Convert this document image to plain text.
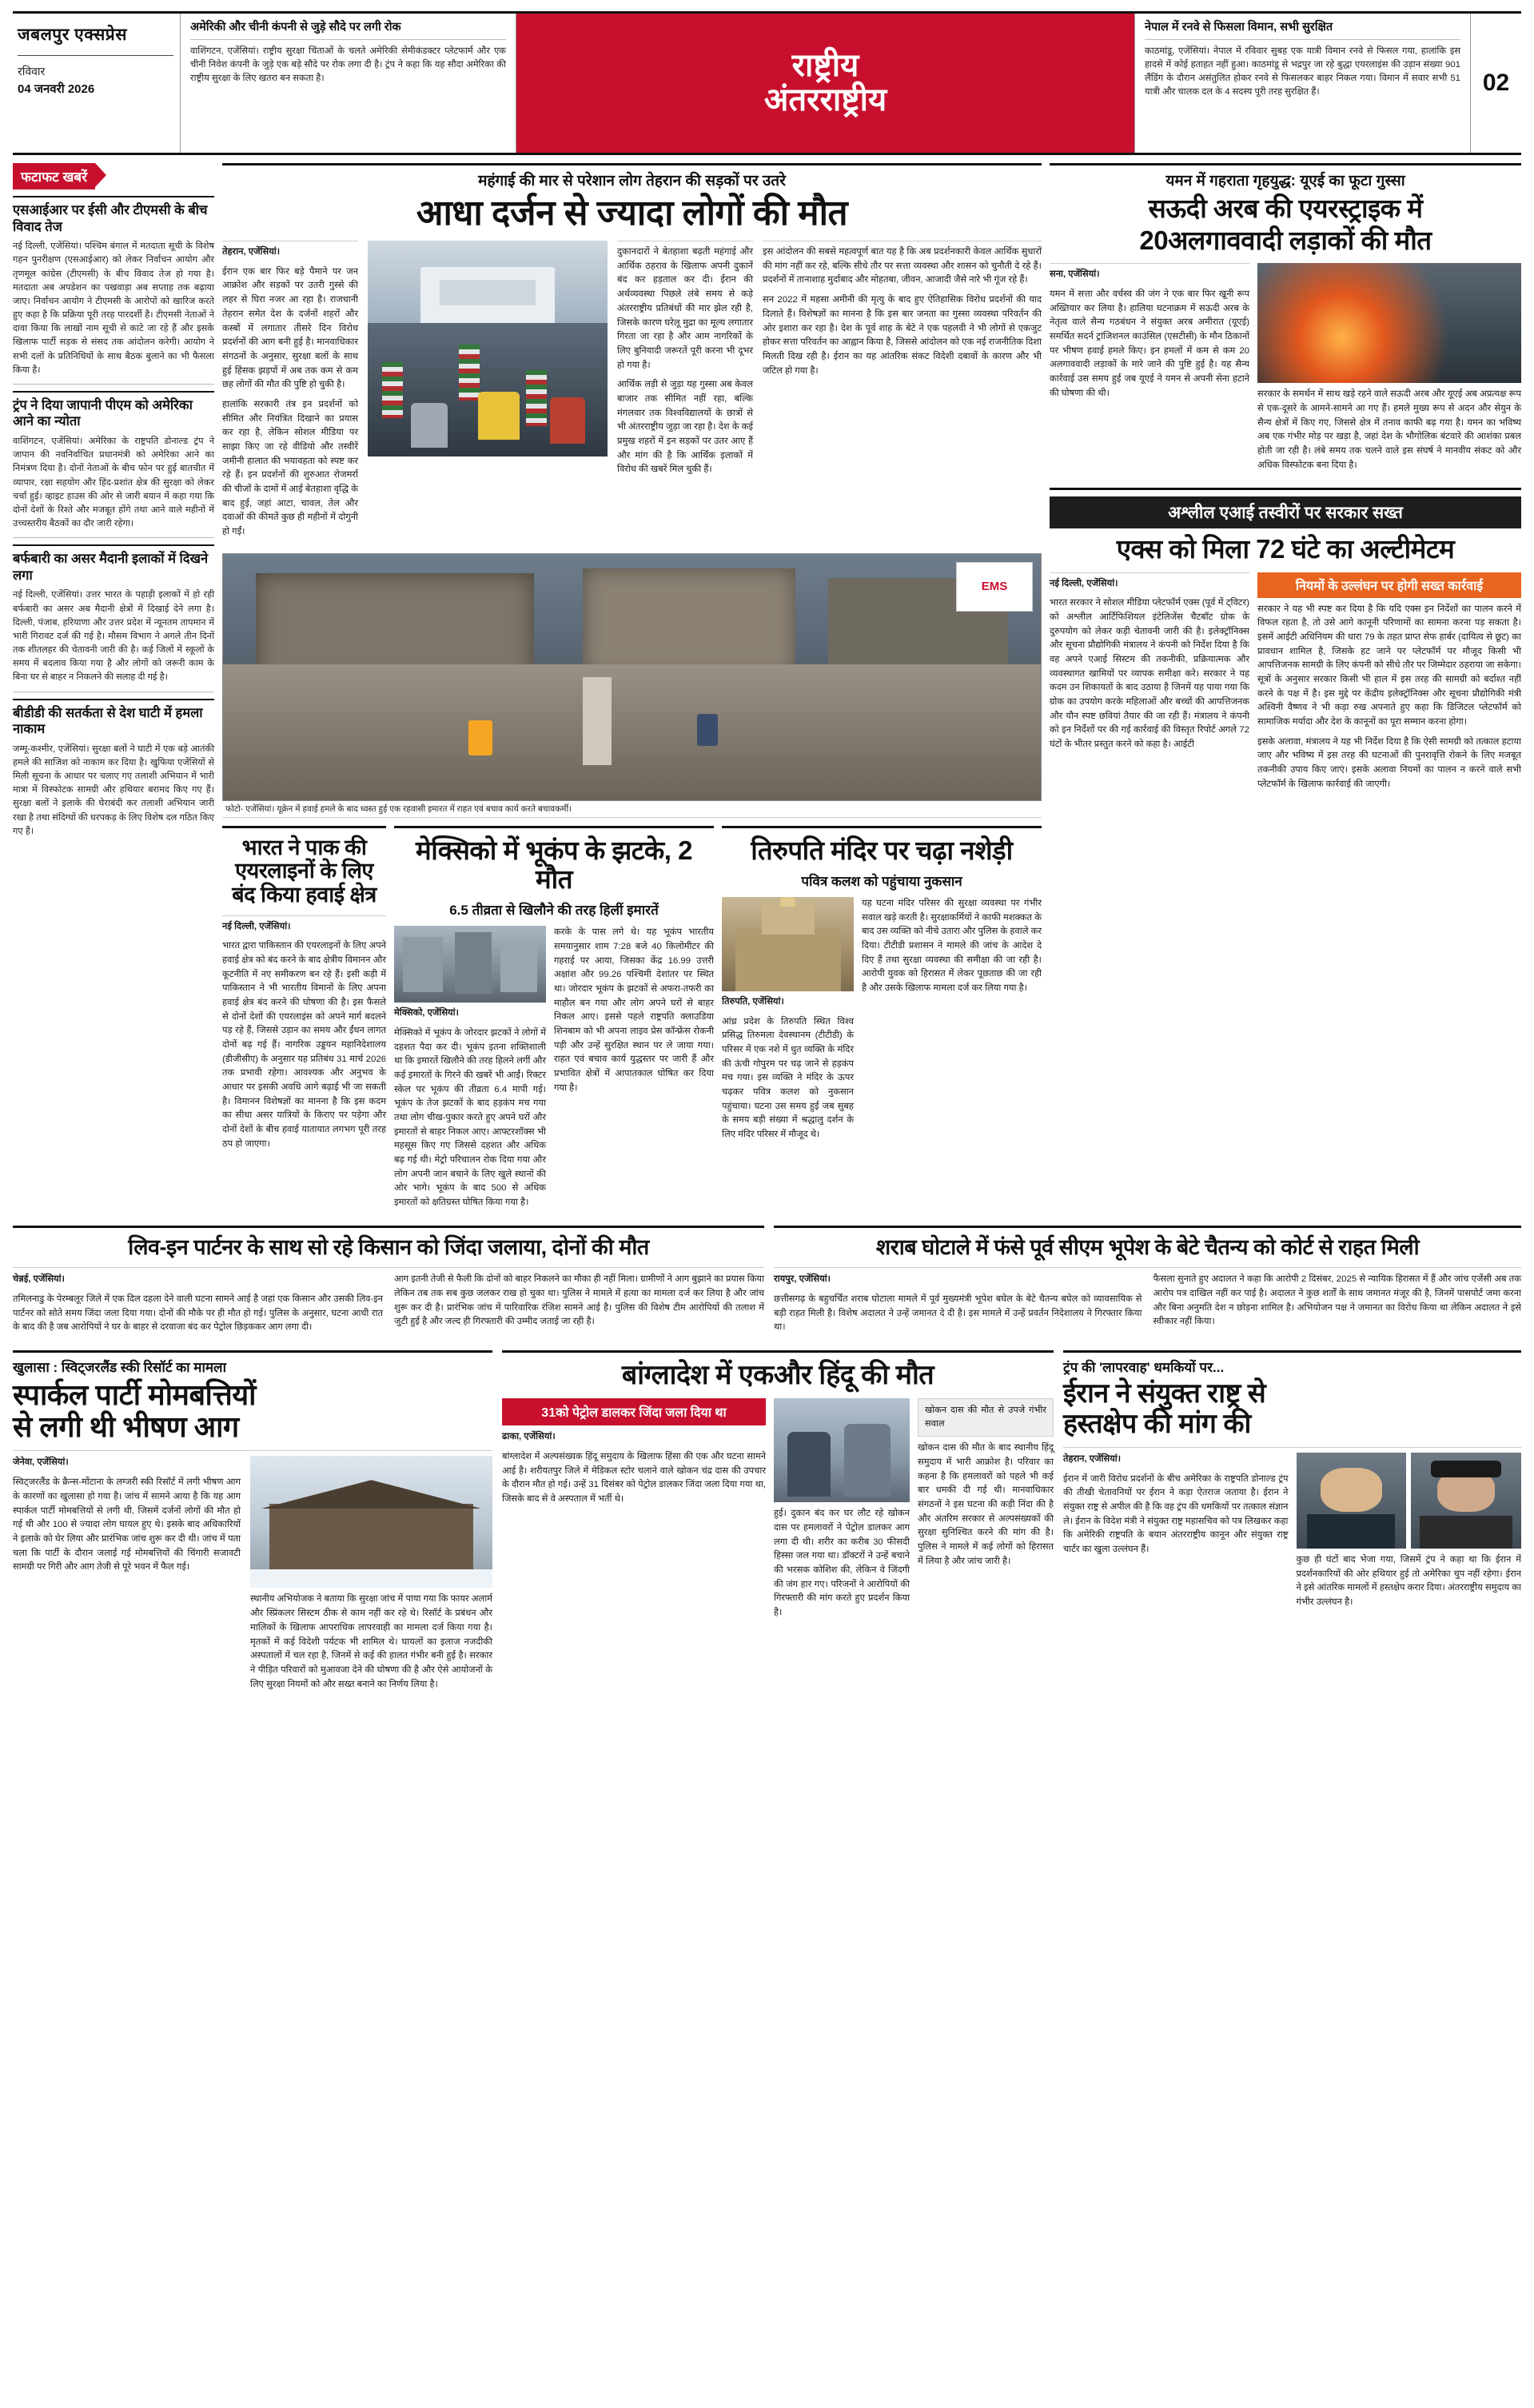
जबलपुर एक्सप्रेस
रविवार
04 जनवरी 2026
अमेरिकी और चीनी कंपनी से जुड़े सौदे पर लगी रोक
वाशिंगटन, एजेंसियां। राष्ट्रीय सुरक्षा चिंताओं के चलते अमेरिकी सेमीकंडक्टर प्लेटफार्म और एक चीनी निवेश कंपनी के जुड़े एक बड़े सौदे पर रोक लगा दी है। ट्रंप ने कहा कि यह सौदा अमेरिका की राष्ट्रीय सुरक्षा के लिए खतरा बन सकता है।	राष्ट्रीय
अंतरराष्ट्रीय
नेपाल में रनवे से फिसला विमान, सभी सुरक्षित
काठमांडू, एजेंसियां। नेपाल में रविवार सुबह एक यात्री विमान रनवे से फिसल गया, हालांकि इस हादसे में कोई हताहत नहीं हुआ। काठमांडू से भद्रपुर जा रहे बुद्धा एयरलाइंस की उड़ान संख्या 901 लैंडिंग के दौरान असंतुलित होकर रनवे से फिसलकर बाहर निकल गया। विमान में सवार सभी 51 यात्री और चालक दल के 4 सदस्य पूरी तरह सुरक्षित हैं।	02
फटाफट खबरें
एसआईआर पर ईसी और टीएमसी के बीच विवाद तेज

नई दिल्ली, एजेंसियां। पश्चिम बंगाल में मतदाता सूची के विशेष गहन पुनरीक्षण (एसआईआर) को लेकर निर्वाचन आयोग और तृणमूल कांग्रेस (टीएमसी) के बीच विवाद तेज हो गया है। मतदाता अब अपडेशन का पखवाड़ा अब सप्ताह तक बढ़ाया जाए। निर्वाचन आयोग ने टीएमसी के आरोपों को खारिज करते हुए कहा है कि प्रक्रिया पूरी तरह पारदर्शी है। टीएमसी नेताओं ने दावा किया कि लाखों नाम सूची से काटे जा रहे हैं और इसके खिलाफ पार्टी सड़क से संसद तक आंदोलन करेगी। आयोग ने सभी दलों के प्रतिनिधियों के साथ बैठक बुलाने का भी फैसला किया है।

ट्रंप ने दिया जापानी पीएम को अमेरिका आने का न्योता

वाशिंगटन, एजेंसियां। अमेरिका के राष्ट्रपति डोनाल्ड ट्रंप ने जापान की नवनिर्वाचित प्रधानमंत्री को अमेरिका आने का निमंत्रण दिया है। दोनों नेताओं के बीच फोन पर हुई बातचीत में व्यापार, रक्षा सहयोग और हिंद-प्रशांत क्षेत्र की सुरक्षा को लेकर चर्चा हुई। व्हाइट हाउस की ओर से जारी बयान में कहा गया कि दोनों देशों के रिश्ते और मजबूत होंगे तथा आने वाले महीनों में उच्चस्तरीय बैठकों का दौर जारी रहेगा।

बर्फबारी का असर मैदानी इलाकों में दिखने लगा

नई दिल्ली, एजेंसियां। उत्तर भारत के पहाड़ी इलाकों में हो रही बर्फबारी का असर अब मैदानी क्षेत्रों में दिखाई देने लगा है। दिल्ली, पंजाब, हरियाणा और उत्तर प्रदेश में न्यूनतम तापमान में भारी गिरावट दर्ज की गई है। मौसम विभाग ने अगले तीन दिनों तक शीतलहर की चेतावनी जारी की है। कई जिलों में स्कूलों के समय में बदलाव किया गया है और लोगों को जरूरी काम के बिना घर से बाहर न निकलने की सलाह दी गई है।

बीडीडी की सतर्कता से देश घाटी में हमला नाकाम

जम्मू-कश्मीर, एजेंसियां। सुरक्षा बलों ने घाटी में एक बड़े आतंकी हमले की साजिश को नाकाम कर दिया है। खुफिया एजेंसियों से मिली सूचना के आधार पर चलाए गए तलाशी अभियान में भारी मात्रा में विस्फोटक सामग्री और हथियार बरामद किए गए हैं। सुरक्षा बलों ने इलाके की घेराबंदी कर तलाशी अभियान जारी रखा है तथा संदिग्धों की धरपकड़ के लिए विशेष दल गठित किए गए हैं।

महंगाई की मार से परेशान लोग तेहरान की सड़कों पर उतरे
आधा दर्जन से ज्यादा लोगों की मौत

तेहरान, एजेंसियां।

ईरान एक बार फिर बड़े पैमाने पर जन आक्रोश और सड़कों पर उतरी गुस्से की लहर से घिरा नजर आ रहा है। राजधानी तेहरान समेत देश के दर्जनों शहरों और कस्बों में लगातार तीसरे दिन विरोध प्रदर्शनों की आग बनी हुई है। मानवाधिकार संगठनों के अनुसार, सुरक्षा बलों के साथ हुई हिंसक झड़पों में अब तक कम से कम छह लोगों की मौत की पुष्टि हो चुकी है।

हालांकि सरकारी तंत्र इन प्रदर्शनों को सीमित और नियंत्रित दिखाने का प्रयास कर रहा है, लेकिन सोशल मीडिया पर साझा किए जा रहे वीडियो और तस्वीरें जमीनी हालात की भयावहता को स्पष्ट कर रहे हैं। इन प्रदर्शनों की शुरुआत रोजमर्रा की चीजों के दामों में आई बेतहाशा वृद्धि के बाद हुई, जहां आटा, चावल, तेल और दवाओं की कीमतें कुछ ही महीनों में दोगुनी हो गईं।

दुकानदारों ने बेतहाशा बढ़ती महंगाई और आर्थिक ठहराव के खिलाफ अपनी दुकानें बंद कर हड़ताल कर दी। ईरान की अर्थव्यवस्था पिछले लंबे समय से कड़े अंतरराष्ट्रीय प्रतिबंधों की मार झेल रही है, जिसके कारण घरेलू मुद्रा का मूल्य लगातार गिरता जा रहा है और आम नागरिकों के लिए बुनियादी जरूरतें पूरी करना भी दूभर हो गया है।

आर्थिक लड़ी से जुड़ा यह गुस्सा अब केवल बाजार तक सीमित नहीं रहा, बल्कि मंगलवार तक विश्वविद्यालयों के छात्रों से भी अंतरराष्ट्रीय जुड़ा जा रहा है। देश के कई प्रमुख शहरों में इन सड़कों पर उतर आए हैं और मांग की है कि आर्थिक इलाकों में विरोध की खबरें मिल चुकी हैं।

इस आंदोलन की सबसे महत्वपूर्ण बात यह है कि अब प्रदर्शनकारी केवल आर्थिक सुधारों की मांग नहीं कर रहे, बल्कि सीधे तौर पर सत्ता व्यवस्था और शासन को चुनौती दे रहे हैं। प्रदर्शनों में तानाशाह मुर्दाबाद और मोहतबा, जीवन, आजादी जैसे नारे भी गूंज रहे हैं।

सन 2022 में महसा अमीनी की मृत्यु के बाद हुए ऐतिहासिक विरोध प्रदर्शनों की याद दिलाते हैं। विशेषज्ञों का मानना है कि इस बार जनता का गुस्सा व्यवस्था परिवर्तन की ओर इशारा कर रहा है। देश के पूर्व शाह के बेटे ने एक पहलवी ने भी लोगों से एकजुट होकर सत्ता परिवर्तन का आह्वान किया है, जिससे आंदोलन को एक नई राजनीतिक दिशा मिलती दिख रही है। ईरान का यह आंतरिक संकट विदेशी दबावों के कारण और भी जटिल हो गया है।

EMS
फोटो- एजेंसियां। यूक्रेन में हवाई हमले के बाद ध्वस्त हुई एक रहवासी इमारत में राहत एवं बचाव कार्य करते बचावकर्मी।
भारत ने पाक की एयरलाइनों के लिए बंद किया हवाई क्षेत्र

नई दिल्ली, एजेंसियां।

भारत द्वारा पाकिस्तान की एयरलाइनों के लिए अपने हवाई क्षेत्र को बंद करने के बाद क्षेत्रीय विमानन और कूटनीति में नए समीकरण बन रहे हैं। इसी कड़ी में पाकिस्तान ने भी भारतीय विमानों के लिए अपना हवाई क्षेत्र बंद करने की घोषणा की है। इस फैसले से दोनों देशों की एयरलाइंस को अपने मार्ग बदलने पड़ रहे हैं, जिससे उड़ान का समय और ईंधन लागत दोनों बढ़ गई हैं। नागरिक उड्डयन महानिदेशालय (डीजीसीए) के अनुसार यह प्रतिबंध 31 मार्च 2026 तक प्रभावी रहेगा। आवश्यक और अनुभव के आधार पर इसकी अवधि आगे बढ़ाई भी जा सकती है। विमानन विशेषज्ञों का मानना है कि इस कदम का सीधा असर यात्रियों के किराए पर पड़ेगा और दोनों देशों के बीच हवाई यातायात लगभग पूरी तरह ठप हो जाएगा।

मेक्सिको में भूकंप के झटके, 2 मौत
6.5 तीव्रता से खिलौने की तरह हिलीं इमारतें

मेक्सिको, एजेंसियां।

मेक्सिको में भूकंप के जोरदार झटकों ने लोगों में दहशत पैदा कर दी। भूकंप इतना शक्तिशाली था कि इमारतें खिलौने की तरह हिलने लगीं और कई इमारतों के गिरने की खबरें भी आईं। रिक्टर स्केल पर भूकंप की तीव्रता 6.4 मापी गई। भूकंप के तेज झटकों के बाद हड़कंप मच गया तथा लोग चीख-पुकार करते हुए अपने घरों और इमारतों से बाहर निकल आए। आफ्टरशॉक्स भी महसूस किए गए जिससे दहशत और अधिक बढ़ गई थी। मेट्रो परिचालन रोक दिया गया और लोग अपनी जान बचाने के लिए खुले स्थानों की ओर भागे। भूकंप के बाद 500 से अधिक इमारतों को क्षतिग्रस्त घोषित किया गया है।

करके के पास लगे थे। यह भूकंप भारतीय समयानुसार शाम 7:28 बजे 40 किलोमीटर की गहराई पर आया, जिसका केंद्र 16.99 उत्तरी अक्षांश और 99.26 पश्चिमी देशांतर पर स्थित था। जोरदार भूकंप के झटकों से अफरा-तफरी का माहौल बन गया और लोग अपने घरों से बाहर निकल आए। इससे पहले राष्ट्रपति क्लाउडिया शिनबाम को भी अपना लाइव प्रेस कॉन्फ्रेंस रोकनी पड़ी और उन्हें सुरक्षित स्थान पर ले जाया गया। राहत एवं बचाव कार्य युद्धस्तर पर जारी हैं और प्रभावित क्षेत्रों में आपातकाल घोषित कर दिया गया है।
तिरुपति मंदिर पर चढ़ा नशेड़ी
पवित्र कलश को पहुंचाया नुकसान

तिरुपति, एजेंसियां।

आंध्र प्रदेश के तिरुपति स्थित विश्व प्रसिद्ध तिरुमला देवस्थानम (टीटीडी) के परिसर में एक नशे में धुत व्यक्ति के मंदिर की ऊंची गोपुरम पर चढ़ जाने से हड़कंप मच गया। इस व्यक्ति ने मंदिर के ऊपर चढ़कर पवित्र कलश को नुकसान पहुंचाया। घटना उस समय हुई जब सुबह के समय बड़ी संख्या में श्रद्धालु दर्शन के लिए मंदिर परिसर में मौजूद थे।

यह घटना मंदिर परिसर की सुरक्षा व्यवस्था पर गंभीर सवाल खड़े करती है। सुरक्षाकर्मियों ने काफी मशक्कत के बाद उस व्यक्ति को नीचे उतारा और पुलिस के हवाले कर दिया। टीटीडी प्रशासन ने मामले की जांच के आदेश दे दिए हैं तथा सुरक्षा व्यवस्था की समीक्षा की जा रही है। आरोपी युवक को हिरासत में लेकर पूछताछ की जा रही है और उसके खिलाफ मामला दर्ज कर लिया गया है।
यमन में गहराता गृहयुद्ध: यूएई का फूटा गुस्सा
सऊदी अरब की एयरस्ट्राइक में
20अलगाववादी लड़ाकों की मौत

सना, एजेंसियां।

यमन में सत्ता और वर्चस्व की जंग ने एक बार फिर खूनी रूप अख्तियार कर लिया है। हालिया घटनाक्रम में सऊदी अरब के नेतृत्व वाले सैन्य गठबंधन ने संयुक्त अरब अमीरात (यूएई) समर्थित सदर्न ट्रांजिशनल काउंसिल (एसटीसी) के मौन ठिकानों पर भीषण हवाई हमले किए। इन हमलों में कम से कम 20 अलगाववादी लड़ाकों के मारे जाने की पुष्टि हुई है। यह सैन्य कार्रवाई उस समय हुई जब यूएई ने यमन से अपनी सेना हटाने की घोषणा की थी।	सरकार के समर्थन में साथ खड़े रहने वाले सऊदी अरब और यूएई अब अप्रत्यक्ष रूप से एक-दूसरे के आमने-सामने आ गए हैं। हमले मुख्य रूप से अदन और सेयुन के सैन्य क्षेत्रों में किए गए, जिससे क्षेत्र में तनाव काफी बढ़ गया है। यमन का भविष्य अब एक गंभीर मोड़ पर खड़ा है, जहां देश के भौगोलिक बंटवारे की आशंका प्रबल होती जा रही है। लंबे समय तक चलने वाले इस संघर्ष ने मानवीय संकट को और अधिक विस्फोटक बना दिया है।

अश्लील एआई तस्वीरों पर सरकार सख्त
एक्स को मिला 72 घंटे का अल्टीमेटम

नई दिल्ली, एजेंसियां।

भारत सरकार ने सोशल मीडिया प्लेटफॉर्म एक्स (पूर्व में ट्विटर) को अश्लील आर्टिफिशियल इंटेलिजेंस चैटबॉट ग्रोक के दुरुपयोग को लेकर कड़ी चेतावनी जारी की है। इलेक्ट्रॉनिक्स और सूचना प्रौद्योगिकी मंत्रालय ने कंपनी को निर्देश दिया है कि वह अपने एआई सिस्टम की तकनीकी, प्रक्रियात्मक और व्यवस्थागत खामियों पर व्यापक समीक्षा करे। सरकार ने यह कदम उन शिकायतों के बाद उठाया है जिनमें यह पाया गया कि ग्रोक का उपयोग करके महिलाओं और बच्चों की आपत्तिजनक और यौन स्पष्ट छवियां तैयार की जा रही हैं। मंत्रालय ने कंपनी को इन निर्देशों पर की गई कार्रवाई की विस्तृत रिपोर्ट अगले 72 घंटों के भीतर प्रस्तुत करने को कहा है। आईटी

नियमों के उल्लंघन पर होगी सख्त कार्रवाई

सरकार ने यह भी स्पष्ट कर दिया है कि यदि एक्स इन निर्देशों का पालन करने में विफल रहता है, तो उसे आगे कानूनी परिणामों का सामना करना पड़ सकता है। इसमें आईटी अधिनियम की धारा 79 के तहत प्राप्त सेफ हार्बर (दायित्व से छूट) का प्रावधान शामिल है, जिसके हट जाने पर प्लेटफॉर्म पर मौजूद किसी भी आपत्तिजनक सामग्री के लिए कंपनी को सीधे तौर पर जिम्मेदार ठहराया जा सकेगा। सूत्रों के अनुसार सरकार किसी भी हाल में इस तरह की सामग्री को बर्दाश्त नहीं करने के पक्ष में है। इस मुद्दे पर केंद्रीय इलेक्ट्रॉनिक्स और सूचना प्रौद्योगिकी मंत्री अश्विनी वैष्णव ने भी कड़ा रुख अपनाते हुए कहा कि डिजिटल प्लेटफॉर्म को सामाजिक मर्यादा और देश के कानूनों का पूरा सम्मान करना होगा।

इसके अलावा, मंत्रालय ने यह भी निर्देश दिया है कि ऐसी सामग्री को तत्काल हटाया जाए और भविष्य में इस तरह की घटनाओं की पुनरावृत्ति रोकने के लिए मजबूत तकनीकी उपाय किए जाएं। इसके अलावा नियमों का पालन न करने वाले सभी प्लेटफॉर्म के खिलाफ कार्रवाई की जाएगी।

लिव-इन पार्टनर के साथ सो रहे किसान को जिंदा जलाया, दोनों की मौत

चेन्नई, एजेंसियां।

तमिलनाडु के पेरम्बलूर जिले में एक दिल दहला देने वाली घटना सामने आई है जहां एक किसान और उसकी लिव-इन पार्टनर को सोते समय जिंदा जला दिया गया। दोनों की मौके पर ही मौत हो गई। पुलिस के अनुसार, घटना आधी रात के बाद की है जब आरोपियों ने घर के बाहर से दरवाजा बंद कर पेट्रोल छिड़ककर आग लगा दी।

आग इतनी तेजी से फैली कि दोनों को बाहर निकलने का मौका ही नहीं मिला। ग्रामीणों ने आग बुझाने का प्रयास किया लेकिन तब तक सब कुछ जलकर राख हो चुका था। पुलिस ने मामले में हत्या का मामला दर्ज कर लिया है और जांच शुरू कर दी है। प्रारंभिक जांच में पारिवारिक रंजिश सामने आई है। पुलिस की विशेष टीम आरोपियों की तलाश में जुटी हुई है और जल्द ही गिरफ्तारी की उम्मीद जताई जा रही है।

शराब घोटाले में फंसे पूर्व सीएम भूपेश के बेटे चैतन्य को कोर्ट से राहत मिली

रायपुर, एजेंसियां।

छत्तीसगढ़ के बहुचर्चित शराब घोटाला मामले में पूर्व मुख्यमंत्री भूपेश बघेल के बेटे चैतन्य बघेल को व्यावसायिक से बड़ी राहत मिली है। विशेष अदालत ने उन्हें जमानत दे दी है। इस मामले में उन्हें प्रवर्तन निदेशालय ने गिरफ्तार किया था।

फैसला सुनाते हुए अदालत ने कहा कि आरोपी 2 दिसंबर, 2025 से न्यायिक हिरासत में हैं और जांच एजेंसी अब तक आरोप पत्र दाखिल नहीं कर पाई है। अदालत ने कुछ शर्तों के साथ जमानत मंजूर की है, जिनमें पासपोर्ट जमा करना और बिना अनुमति देश न छोड़ना शामिल है। अभियोजन पक्ष ने जमानत का विरोध किया था लेकिन अदालत ने इसे स्वीकार नहीं किया।

खुलासा : स्विट्जरलैंड स्की रिसॉर्ट का मामला
स्पार्कल पार्टी मोमबत्तियों
से लगी थी भीषण आग

जेनेवा, एजेंसियां।

स्विट्जरलैंड के क्रैन्स-मोंटाना के लग्जरी स्की रिसॉर्ट में लगी भीषण आग के कारणों का खुलासा हो गया है। जांच में सामने आया है कि यह आग स्पार्कल पार्टी मोमबत्तियों से लगी थी, जिसमें दर्जनों लोगों की मौत हो गई थी और 100 से ज्यादा लोग घायल हुए थे। इसके बाद अधिकारियों ने इलाके को घेर लिया और प्रारंभिक जांच शुरू कर दी थी। जांच में पता चला कि पार्टी के दौरान जलाई गई मोमबत्तियों की चिंगारी सजावटी सामग्री पर गिरी और आग तेजी से पूरे भवन में फैल गई।

स्थानीय अभियोजक ने बताया कि सुरक्षा जांच में पाया गया कि फायर अलार्म और स्प्रिंकलर सिस्टम ठीक से काम नहीं कर रहे थे। रिसॉर्ट के प्रबंधन और मालिकों के खिलाफ आपराधिक लापरवाही का मामला दर्ज किया गया है। मृतकों में कई विदेशी पर्यटक भी शामिल थे। घायलों का इलाज नजदीकी अस्पतालों में चल रहा है, जिनमें से कई की हालत गंभीर बनी हुई है। सरकार ने पीड़ित परिवारों को मुआवजा देने की घोषणा की है और ऐसे आयोजनों के लिए सुरक्षा नियमों को और सख्त बनाने का निर्णय लिया है।

बांग्लादेश में एकऔर हिंदू की मौत
31को पेट्रोल डालकर जिंदा जला दिया था

ढाका, एजेंसियां।

बांग्लादेश में अल्पसंख्यक हिंदू समुदाय के खिलाफ हिंसा की एक और घटना सामने आई है। शरीयतपुर जिले में मेडिकल स्टोर चलाने वाले खोकन चंद्र दास की उपचार के दौरान मौत हो गई। उन्हें 31 दिसंबर को पेट्रोल डालकर जिंदा जला दिया गया था, जिसके बाद से वे अस्पताल में भर्ती थे।

हुई। दुकान बंद कर घर लौट रहे खोकन दास पर हमलावरों ने पेट्रोल डालकर आग लगा दी थी। शरीर का करीब 30 फीसदी हिस्सा जल गया था। डॉक्टरों ने उन्हें बचाने की भरसक कोशिश की, लेकिन वे जिंदगी की जंग हार गए। परिजनों ने आरोपियों की गिरफ्तारी की मांग करते हुए प्रदर्शन किया है।

खोकन दास की मौत से उपजे गंभीर सवाल

खोकन दास की मौत के बाद स्थानीय हिंदू समुदाय में भारी आक्रोश है। परिवार का कहना है कि हमलावरों को पहले भी कई बार धमकी दी गई थी। मानवाधिकार संगठनों ने इस घटना की कड़ी निंदा की है और अंतरिम सरकार से अल्पसंख्यकों की सुरक्षा सुनिश्चित करने की मांग की है। पुलिस ने मामले में कई लोगों को हिरासत में लिया है और जांच जारी है।

ट्रंप की 'लापरवाह' धमकियों पर...
ईरान ने संयुक्त राष्ट्र से
हस्तक्षेप की मांग की

तेहरान, एजेंसियां।

ईरान में जारी विरोध प्रदर्शनों के बीच अमेरिका के राष्ट्रपति डोनाल्ड ट्रंप की तीखी चेतावनियों पर ईरान ने कड़ा ऐतराज जताया है। ईरान ने संयुक्त राष्ट्र से अपील की है कि वह ट्रंप की धमकियों पर तत्काल संज्ञान ले। ईरान के विदेश मंत्री ने संयुक्त राष्ट्र महासचिव को पत्र लिखकर कहा कि अमेरिकी राष्ट्रपति के बयान अंतरराष्ट्रीय कानून और संयुक्त राष्ट्र चार्टर का खुला उल्लंघन हैं।

कुछ ही घंटों बाद भेजा गया, जिसमें ट्रंप ने कहा था कि ईरान में प्रदर्शनकारियों की ओर हथियार हुई तो अमेरिका चुप नहीं रहेगा। ईरान ने इसे आंतरिक मामलों में हस्तक्षेप करार दिया। अंतरराष्ट्रीय समुदाय का गंभीर उल्लंघन है।
